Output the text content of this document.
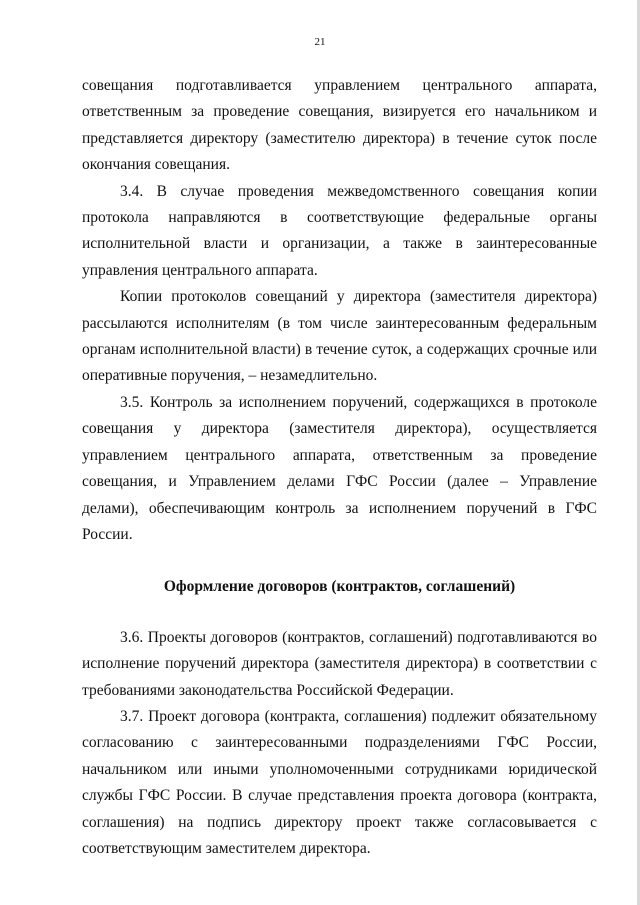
21

совещания подготавливается управлением центрального аппарата, ответственным за проведение совещания, визируется его начальником и представляется директору (заместителю директора) в течение суток после окончания совещания.

3.4. В случае проведения межведомственного совещания копии протокола направляются в соответствующие федеральные органы исполнительной власти и организации, а также в заинтересованные управления центрального аппарата.

Копии протоколов совещаний у директора (заместителя директора) рассылаются исполнителям (в том числе заинтересованным федеральным органам исполнительной власти) в течение суток, а содержащих срочные или оперативные поручения, – незамедлительно.

3.5. Контроль за исполнением поручений, содержащихся в протоколе совещания у директора (заместителя директора), осуществляется управлением центрального аппарата, ответственным за проведение совещания, и Управлением делами ГФС России (далее – Управление делами), обеспечивающим контроль за исполнением поручений в ГФС России.

Оформление договоров (контрактов, соглашений)

3.6. Проекты договоров (контрактов, соглашений) подготавливаются во исполнение поручений директора (заместителя директора) в соответствии с требованиями законодательства Российской Федерации.

3.7. Проект договора (контракта, соглашения) подлежит обязательному согласованию с заинтересованными подразделениями ГФС России, начальником или иными уполномоченными сотрудниками юридической службы ГФС России. В случае представления проекта договора (контракта, соглашения) на подпись директору проект также согласовывается с соответствующим заместителем директора.
